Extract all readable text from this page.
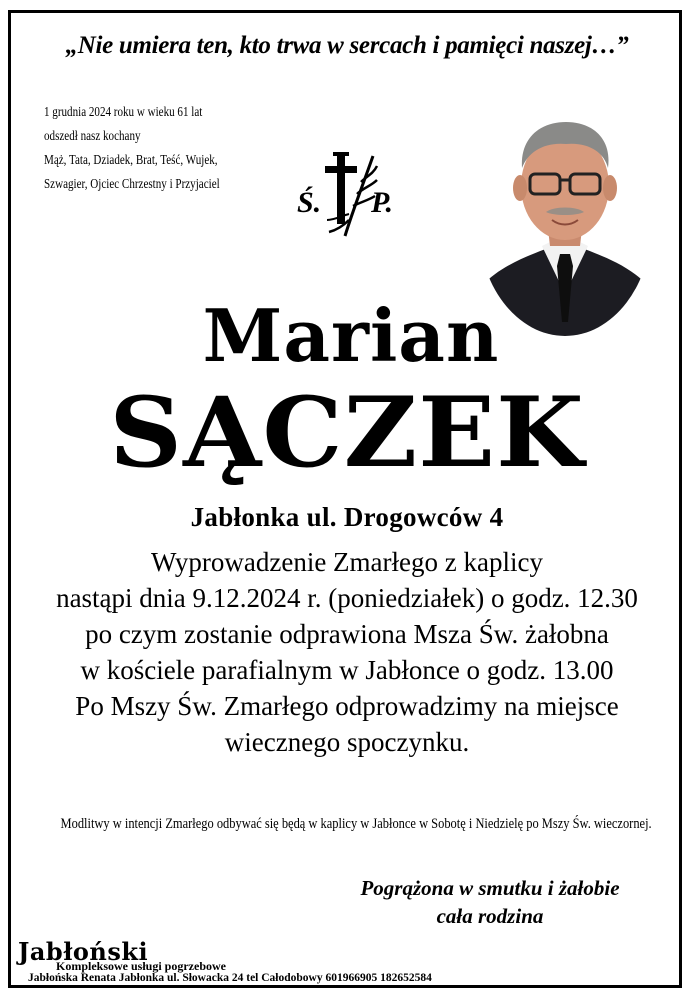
„Nie umiera ten, kto trwa w sercach i pamięci naszej…”
1 grudnia 2024 roku w wieku 61 lat
odszedł nasz kochany
Mąż, Tata, Dziadek, Brat, Teść, Wujek,
Szwagier, Ojciec Chrzestny i Przyjaciel
Ś. P.
Marian
SĄCZEK
Jabłonka ul. Drogowców 4
Wyprowadzenie Zmarłego z kaplicy
nastąpi dnia 9.12.2024 r. (poniedziałek) o godz. 12.30
po czym zostanie odprawiona Msza Św. żałobna
w kościele parafialnym w Jabłonce o godz. 13.00
Po Mszy Św. Zmarłego odprowadzimy na miejsce
wiecznego spoczynku.
Modlitwy w intencji Zmarłego odbywać się będą w kaplicy w Jabłonce w Sobotę i Niedzielę po Mszy Św. wieczornej.
Pogrążona w smutku i żałobie
cała rodzina
Jabłoński
Kompleksowe usługi pogrzebowe
Jabłońska Renata Jabłonka ul. Słowacka 24 tel Całodobowy 601966905 182652584
